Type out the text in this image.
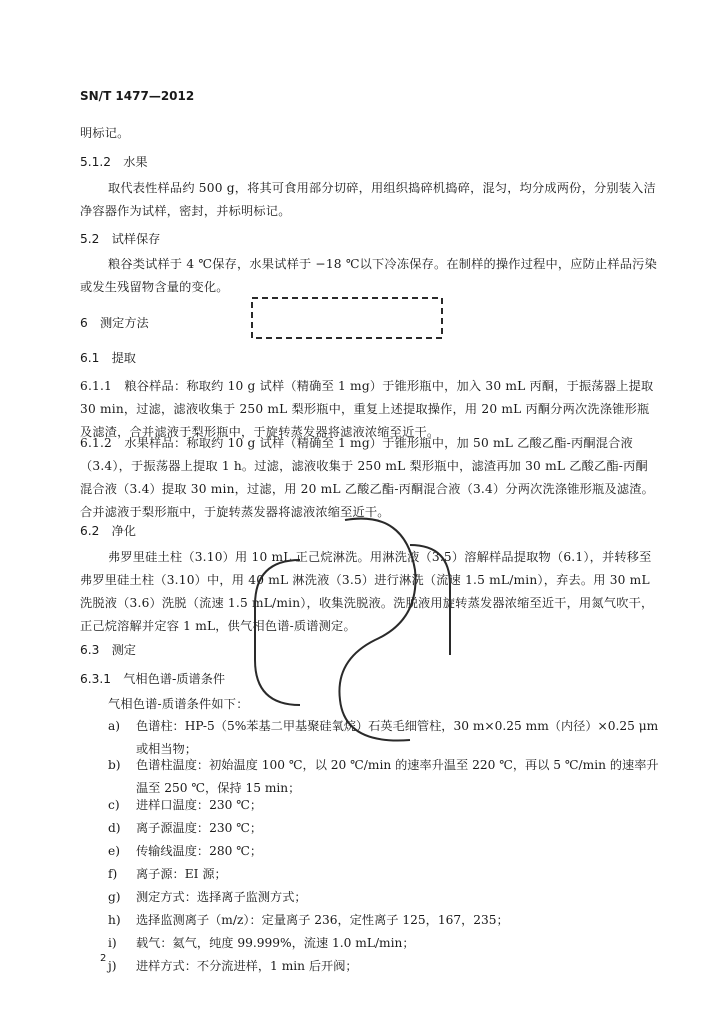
SN/T 1477—2012
明标记。
5.1.2　水果
取代表性样品约 500 g，将其可食用部分切碎，用组织捣碎机捣碎，混匀，均分成两份，分别装入洁净容器作为试样，密封，并标明标记。
5.2　试样保存
粮谷类试样于 4 ℃保存，水果试样于 −18 ℃以下冷冻保存。在制样的操作过程中，应防止样品污染或发生残留物含量的变化。
6　测定方法
6.1　提取
6.1.1　粮谷样品：称取约 10 g 试样（精确至 1 mg）于锥形瓶中，加入 30 mL 丙酮，于振荡器上提取 30 min，过滤，滤液收集于 250 mL 梨形瓶中，重复上述提取操作，用 20 mL 丙酮分两次洗涤锥形瓶及滤渣，合并滤液于梨形瓶中，于旋转蒸发器将滤液浓缩至近干。
6.1.2　水果样品：称取约 10 g 试样（精确至 1 mg）于锥形瓶中，加 50 mL 乙酸乙酯-丙酮混合液（3.4），于振荡器上提取 1 h。过滤，滤液收集于 250 mL 梨形瓶中，滤渣再加 30 mL 乙酸乙酯-丙酮混合液（3.4）提取 30 min，过滤，用 20 mL 乙酸乙酯-丙酮混合液（3.4）分两次洗涤锥形瓶及滤渣。合并滤液于梨形瓶中，于旋转蒸发器将滤液浓缩至近干。
6.2　净化
弗罗里硅土柱（3.10）用 10 mL 正己烷淋洗。用淋洗液（3.5）溶解样品提取物（6.1），并转移至弗罗里硅土柱（3.10）中，用 40 mL 淋洗液（3.5）进行淋洗（流速 1.5 mL/min），弃去。用 30 mL 洗脱液（3.6）洗脱（流速 1.5 mL/min），收集洗脱液。洗脱液用旋转蒸发器浓缩至近干，用氮气吹干，正己烷溶解并定容 1 mL，供气相色谱-质谱测定。
6.3　测定
6.3.1　气相色谱-质谱条件
气相色谱-质谱条件如下：
a)	色谱柱：HP-5（5%苯基二甲基聚硅氧烷）石英毛细管柱，30 m×0.25 mm（内径）×0.25 μm 或相当物；
b)	色谱柱温度：初始温度 100 ℃，以 20 ℃/min 的速率升温至 220 ℃，再以 5 ℃/min 的速率升温至 250 ℃，保持 15 min；
c)	进样口温度：230 ℃；
d)	离子源温度：230 ℃；
e)	传输线温度：280 ℃；
f)	离子源：EI 源；
g)	测定方式：选择离子监测方式；
h)	选择监测离子（m/z）：定量离子 236，定性离子 125，167，235；
i)	载气：氦气，纯度 99.999%，流速 1.0 mL/min；
j)	进样方式：不分流进样，1 min 后开阀；
2
